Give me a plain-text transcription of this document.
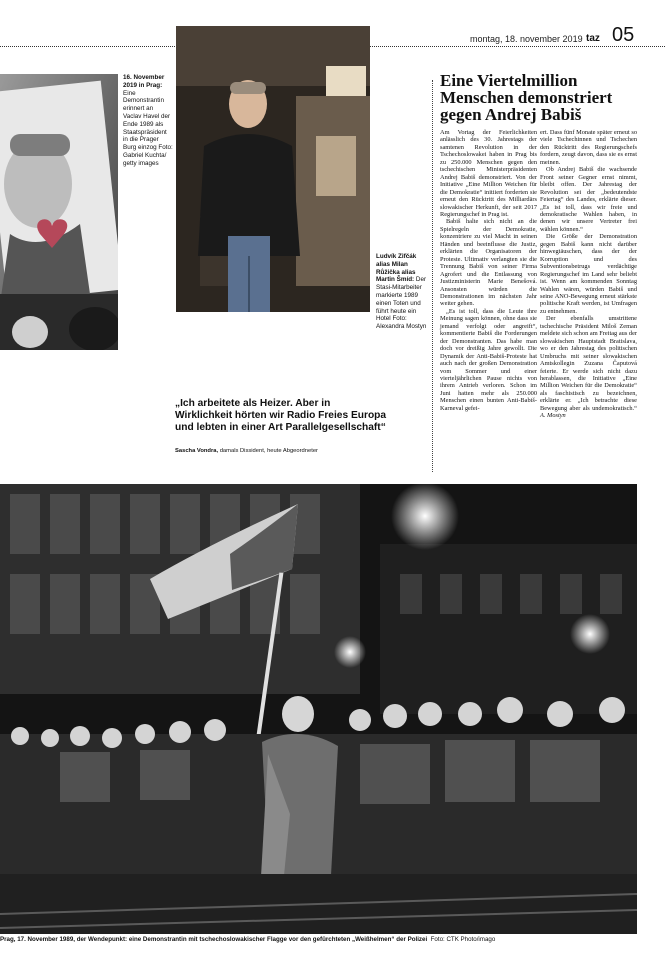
montag, 18. november 2019 taz 05
16. November 2019 in Prag: Eine Demonstrantin erinnert an Vaclav Havel der Ende 1989 als Staatspräsident in die Prager Burg einzog Foto: Gabriel Kuchta/ getty images
Ludvík Zifčák alias Milan Růžička alias Martin Šmíd: Der Stasi-Mitarbeiter markierte 1989 einen Toten und führt heute ein Hotel Foto: Alexandra Mostyn
Eine Viertelmillion Menschen demonstriert gegen Andrej Babiš

Am Vortag der Feierlichkeiten anlässlich des 30. Jahrestags der samtenen Revolution in der Tschechoslowakei haben in Prag bis zu 250.000 Menschen gegen den tschechischen Ministerpräsidenten Andrej Babiš demonstriert. Von der Initiative „Eine Million Weichen für die Demokratie“ initiiert forderten sie erneut den Rücktritt des Milliardärs slowakischer Herkunft, der seit 2017 Regierungschef in Prag ist.

Babiš halte sich nicht an die Spielregeln der Demokratie, konzentriere zu viel Macht in seinen Händen und beeinflusse die Justiz, erklärten die Organisatoren der Proteste. Ultimativ verlangten sie die Trennung Babiš von seiner Firma Agrofert und die Entlassung von Justizministerin Marie Benešová. Ansonsten würden die Demonstrationen im nächsten Jahr weiter gehen.

„Es ist toll, dass die Leute ihre Meinung sagen können, ohne dass sie jemand verfolgt oder angreift“, kommentierte Babiš die Forderungen der Demonstranten. Das habe man doch vor dreißig Jahre gewollt. Die Dynamik der Anti-Babiš-Proteste hat auch nach der großen Demonstration vom Sommer und einer vierteljährlichen Pause nichts von ihrem Antrieb verloren. Schon im Juni hatten mehr als 250.000 Menschen einen bunten Anti-Babiš-Karneval gefei-

ert. Dass fünf Monate später erneut so viele Tschechinnen und Tschechen den Rücktritt des Regierungschefs fordern, zeugt davon, dass sie es ernst meinen.

Ob Andrej Babiš die wachsende Front seiner Gegner ernst nimmt, bleibt offen. Der Jahrestag der Revolution sei der „bedeutendste Feiertag“ des Landes, erklärte dieser. „Es ist toll, dass wir freie und demokratische Wahlen haben, in denen wir unsere Vertreter frei wählen können.“

Die Größe der Demonstration gegen Babiš kann nicht darüber hinwegtäuschen, dass der der Korruption und des Subventionsbetrugs verdächtige Regierungschef im Land sehr beliebt ist. Wenn am kommenden Sonntag Wahlen wären, würden Babiš und seine ANO-Bewegung erneut stärkste politische Kraft werden, ist Umfragen zu entnehmen.

Der ebenfalls umstrittene tschechische Präsident Miloš Zeman meldete sich schon am Freitag aus der slowakischen Hauptstadt Bratislava, wo er den Jahrestag des politischen Umbruchs mit seiner slowakischen Amtskollegin Zuzana Čaputová feierte. Er werde sich nicht dazu herablassen, die Initiative „Eine Million Weichen für die Demokratie“ als faschistisch zu bezeichnen, erklärte er. „Ich betrachte diese Bewegung aber als undemokratisch.“ A. Mostyn

„Ich arbeitete als Heizer. Aber in Wirklichkeit hörten wir Radio Freies Europa und lebten in einer Art Parallelgesellschaft“
Sascha Vondra, damals Dissident, heute Abgeordneter
Prag, 17. November 1989, der Wendepunkt: eine Demonstrantin mit tschechoslowakischer Flagge vor den gefürchteten „Weißhelmen“ der Polizei Foto: CTK Photo/imago
